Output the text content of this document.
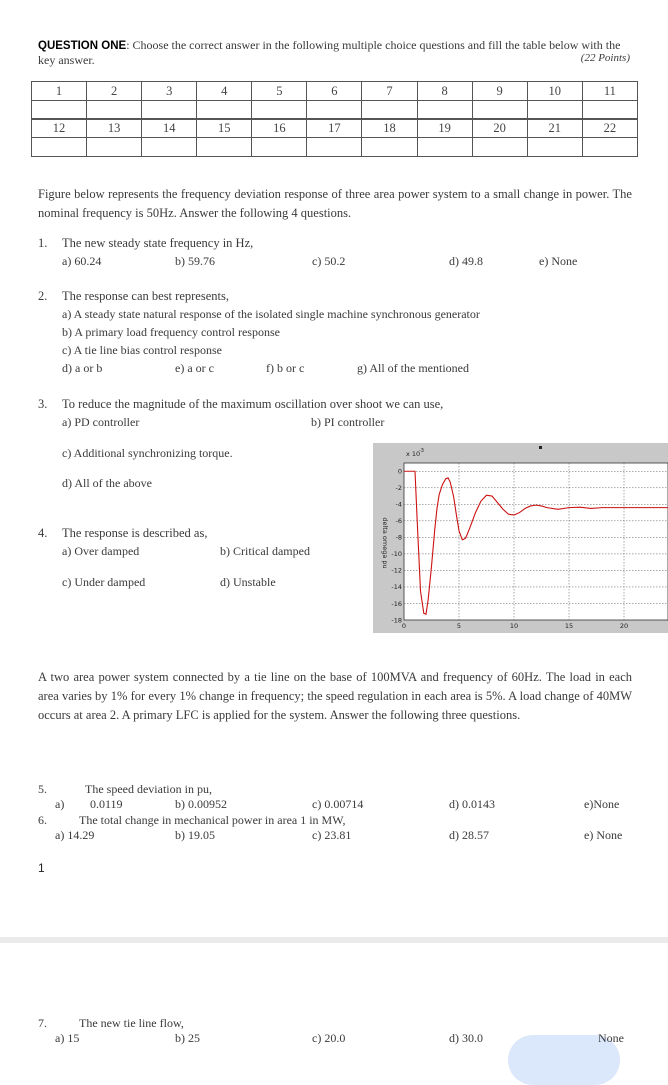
QUESTION ONE: Choose the correct answer in the following multiple choice questions and fill the table below with the key answer.	(22 Points)
1	2	3	4	5	6	7	8	9	10	11

12	13	14	15	16	17	18	19	20	21	22

Figure below represents the frequency deviation response of three area power system to a small change in power. The nominal frequency is 50Hz. Answer the following 4 questions.
1. The new steady state frequency in Hz,
a) 60.24	b) 59.76	c) 50.2	d) 49.8	e) None
2. The response can best represents,
a) A steady state natural response of the isolated single machine synchronous generator
b) A primary load frequency control response
c) A tie line bias control response
d) a or b	e) a or c	f) b or c	g) All of the mentioned
3. To reduce the magnitude of the maximum oscillation over shoot we can use,
a) PD controller	b) PI controller
c) Additional synchronizing torque.
d) All of the above
4. The response is described as,
a) Over damped	b) Critical damped
c) Under damped	d) Unstable
0	5	10	15	20
0
-2
-4
-6
-8
-10
-12
-14
-16
-18
x 10
-3
delta omega pu
A two area power system connected by a tie line on the base of 100MVA and frequency of 60Hz. The load in each area varies by 1% for every 1% change in frequency; the speed regulation in each area is 5%. A load change of 40MW occurs at area 2. A primary LFC is applied for the system. Answer the following three questions.
5.	The speed deviation in pu,
a) 0.0119	b) 0.00952	c) 0.00714	d) 0.0143	e)None
6.	The total change in mechanical power in area 1 in MW,
a) 14.29	b) 19.05	c) 23.81	d) 28.57	e) None
1
7.	The new tie line flow,
a) 15	b) 25	c) 20.0	d) 30.0	None
